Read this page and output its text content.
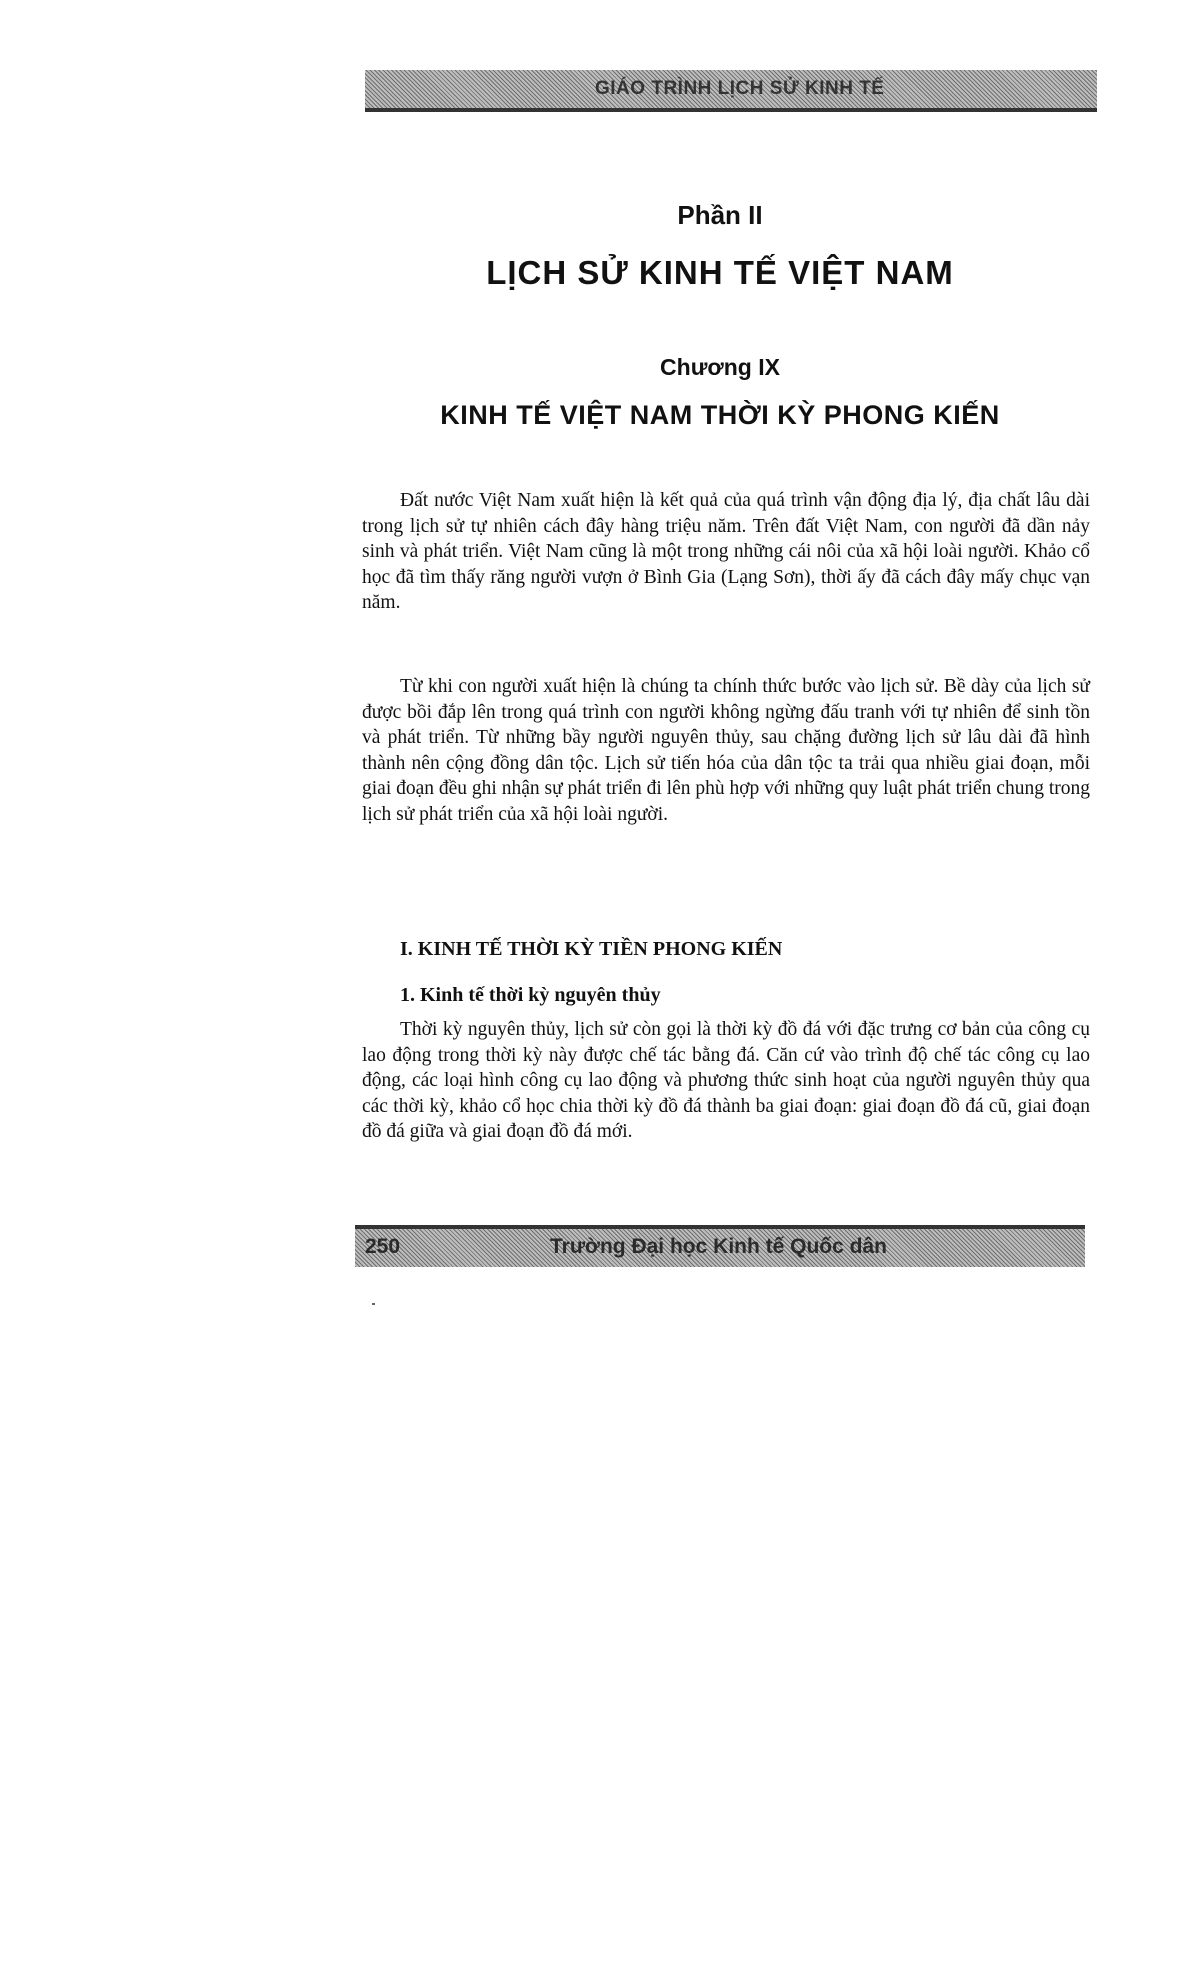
GIÁO TRÌNH LỊCH SỬ KINH TẾ
Phần II
LỊCH SỬ KINH TẾ VIỆT NAM
Chương IX
KINH TẾ VIỆT NAM THỜI KỲ PHONG KIẾN

Đất nước Việt Nam xuất hiện là kết quả của quá trình vận động địa lý, địa chất lâu dài trong lịch sử tự nhiên cách đây hàng triệu năm. Trên đất Việt Nam, con người đã dần nảy sinh và phát triển. Việt Nam cũng là một trong những cái nôi của xã hội loài người. Khảo cổ học đã tìm thấy răng người vượn ở Bình Gia (Lạng Sơn), thời ấy đã cách đây mấy chục vạn năm.

Từ khi con người xuất hiện là chúng ta chính thức bước vào lịch sử. Bề dày của lịch sử được bồi đắp lên trong quá trình con người không ngừng đấu tranh với tự nhiên để sinh tồn và phát triển. Từ những bầy người nguyên thủy, sau chặng đường lịch sử lâu dài đã hình thành nên cộng đồng dân tộc. Lịch sử tiến hóa của dân tộc ta trải qua nhiều giai đoạn, mỗi giai đoạn đều ghi nhận sự phát triển đi lên phù hợp với những quy luật phát triển chung trong lịch sử phát triển của xã hội loài người.

I. KINH TẾ THỜI KỲ TIỀN PHONG KIẾN
1. Kinh tế thời kỳ nguyên thủy

Thời kỳ nguyên thủy, lịch sử còn gọi là thời kỳ đồ đá với đặc trưng cơ bản của công cụ lao động trong thời kỳ này được chế tác bằng đá. Căn cứ vào trình độ chế tác công cụ lao động, các loại hình công cụ lao động và phương thức sinh hoạt của người nguyên thủy qua các thời kỳ, khảo cổ học chia thời kỳ đồ đá thành ba giai đoạn: giai đoạn đồ đá cũ, giai đoạn đồ đá giữa và giai đoạn đồ đá mới.

250	Trường Đại học Kinh tế Quốc dân
